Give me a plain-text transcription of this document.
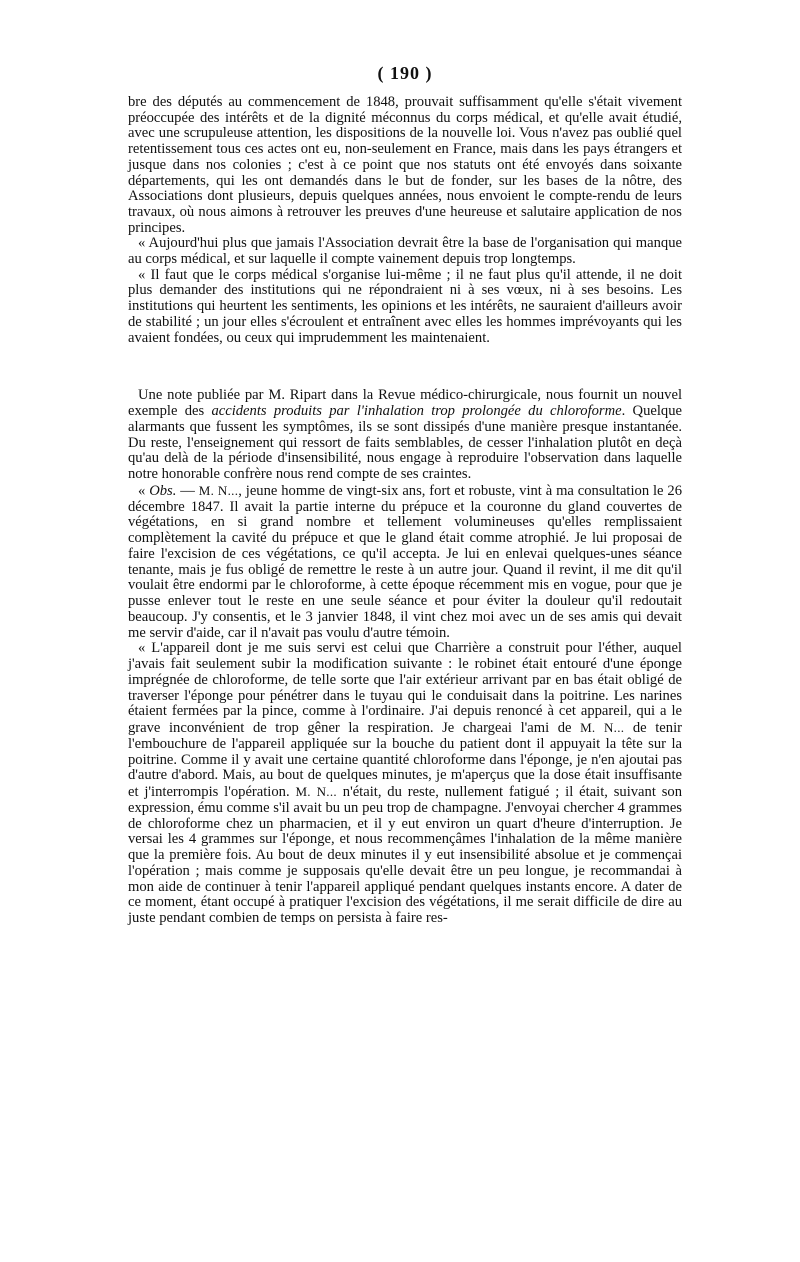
( 190 )

bre des députés au commencement de 1848, prouvait suffisamment qu'elle s'était vivement préoccupée des intérêts et de la dignité méconnus du corps médical, et qu'elle avait étudié, avec une scrupuleuse attention, les dispositions de la nouvelle loi. Vous n'avez pas oublié quel retentissement tous ces actes ont eu, non-seulement en France, mais dans les pays étrangers et jusque dans nos colonies ; c'est à ce point que nos statuts ont été envoyés dans soixante départements, qui les ont demandés dans le but de fonder, sur les bases de la nôtre, des Associations dont plusieurs, depuis quelques années, nous envoient le compte-rendu de leurs travaux, où nous aimons à retrouver les preuves d'une heureuse et salutaire application de nos principes.

« Aujourd'hui plus que jamais l'Association devrait être la base de l'organisation qui manque au corps médical, et sur laquelle il compte vainement depuis trop longtemps.

« Il faut que le corps médical s'organise lui-même ; il ne faut plus qu'il attende, il ne doit plus demander des institutions qui ne répondraient ni à ses vœux, ni à ses besoins. Les institutions qui heurtent les sentiments, les opinions et les intérêts, ne sauraient d'ailleurs avoir de stabilité ; un jour elles s'écroulent et entraînent avec elles les hommes imprévoyants qui les avaient fondées, ou ceux qui imprudemment les maintenaient.

Une note publiée par M. Ripart dans la Revue médico-chirurgicale, nous fournit un nouvel exemple des accidents produits par l'inhalation trop prolongée du chloroforme. Quelque alarmants que fussent les symptômes, ils se sont dissipés d'une manière presque instantanée. Du reste, l'enseignement qui ressort de faits semblables, de cesser l'inhalation plutôt en deçà qu'au delà de la période d'insensibilité, nous engage à reproduire l'observation dans laquelle notre honorable confrère nous rend compte de ses craintes.

« Obs. — M. N..., jeune homme de vingt-six ans, fort et robuste, vint à ma consultation le 26 décembre 1847. Il avait la partie interne du prépuce et la couronne du gland couvertes de végétations, en si grand nombre et tellement volumineuses qu'elles remplissaient complètement la cavité du prépuce et que le gland était comme atrophié. Je lui proposai de faire l'excision de ces végétations, ce qu'il accepta. Je lui en enlevai quelques-unes séance tenante, mais je fus obligé de remettre le reste à un autre jour. Quand il revint, il me dit qu'il voulait être endormi par le chloroforme, à cette époque récemment mis en vogue, pour que je pusse enlever tout le reste en une seule séance et pour éviter la douleur qu'il redoutait beaucoup. J'y consentis, et le 3 janvier 1848, il vint chez moi avec un de ses amis qui devait me servir d'aide, car il n'avait pas voulu d'autre témoin.

« L'appareil dont je me suis servi est celui que Charrière a construit pour l'éther, auquel j'avais fait seulement subir la modification suivante : le robinet était entouré d'une éponge imprégnée de chloroforme, de telle sorte que l'air extérieur arrivant par en bas était obligé de traverser l'éponge pour pénétrer dans le tuyau qui le conduisait dans la poitrine. Les narines étaient fermées par la pince, comme à l'ordinaire. J'ai depuis renoncé à cet appareil, qui a le grave inconvénient de trop gêner la respiration. Je chargeai l'ami de M. N... de tenir l'embouchure de l'appareil appliquée sur la bouche du patient dont il appuyait la tête sur la poitrine. Comme il y avait une certaine quantité chloroforme dans l'éponge, je n'en ajoutai pas d'autre d'abord. Mais, au bout de quelques minutes, je m'aperçus que la dose était insuffisante et j'interrompis l'opération. M. N... n'était, du reste, nullement fatigué ; il était, suivant son expression, ému comme s'il avait bu un peu trop de champagne. J'envoyai chercher 4 grammes de chloroforme chez un pharmacien, et il y eut environ un quart d'heure d'interruption. Je versai les 4 grammes sur l'éponge, et nous recommençâmes l'inhalation de la même manière que la première fois. Au bout de deux minutes il y eut insensibilité absolue et je commençai l'opération ; mais comme je supposais qu'elle devait être un peu longue, je recommandai à mon aide de continuer à tenir l'appareil appliqué pendant quelques instants encore. A dater de ce moment, étant occupé à pratiquer l'excision des végétations, il me serait difficile de dire au juste pendant combien de temps on persista à faire res-
